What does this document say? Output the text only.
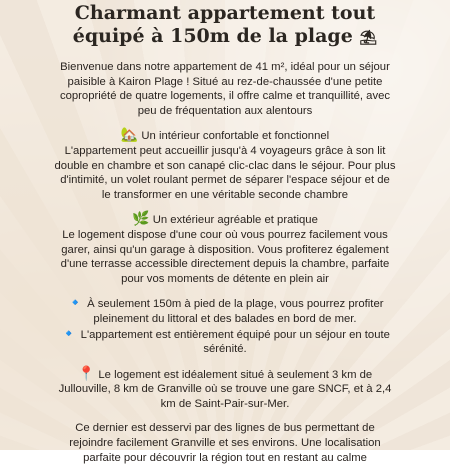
Charmant appartement tout
équipé à 150m de la plage ⛱

Bienvenue dans notre appartement de 41 m², idéal pour un séjour
paisible à Kairon Plage ! Situé au rez-de-chaussée d'une petite
copropriété de quatre logements, il offre calme et tranquillité, avec
peu de fréquentation aux alentours

🏡 Un intérieur confortable et fonctionnel
L'appartement peut accueillir jusqu'à 4 voyageurs grâce à son lit
double en chambre et son canapé clic-clac dans le séjour. Pour plus
d'intimité, un volet roulant permet de séparer l'espace séjour et de
le transformer en une véritable seconde chambre

🌿 Un extérieur agréable et pratique
Le logement dispose d'une cour où vous pourrez facilement vous
garer, ainsi qu'un garage à disposition. Vous profiterez également
d'une terrasse accessible directement depuis la chambre, parfaite
pour vos moments de détente en plein air

🔹 À seulement 150m à pied de la plage, vous pourrez profiter
pleinement du littoral et des balades en bord de mer.
🔹 L'appartement est entièrement équipé pour un séjour en toute
sérénité.

📍 Le logement est idéalement situé à seulement 3 km de
Jullouville, 8 km de Granville où se trouve une gare SNCF, et à 2,4
km de Saint-Pair-sur-Mer.

Ce dernier est desservi par des lignes de bus permettant de
rejoindre facilement Granville et ses environs. Une localisation
parfaite pour découvrir la région tout en restant au calme
